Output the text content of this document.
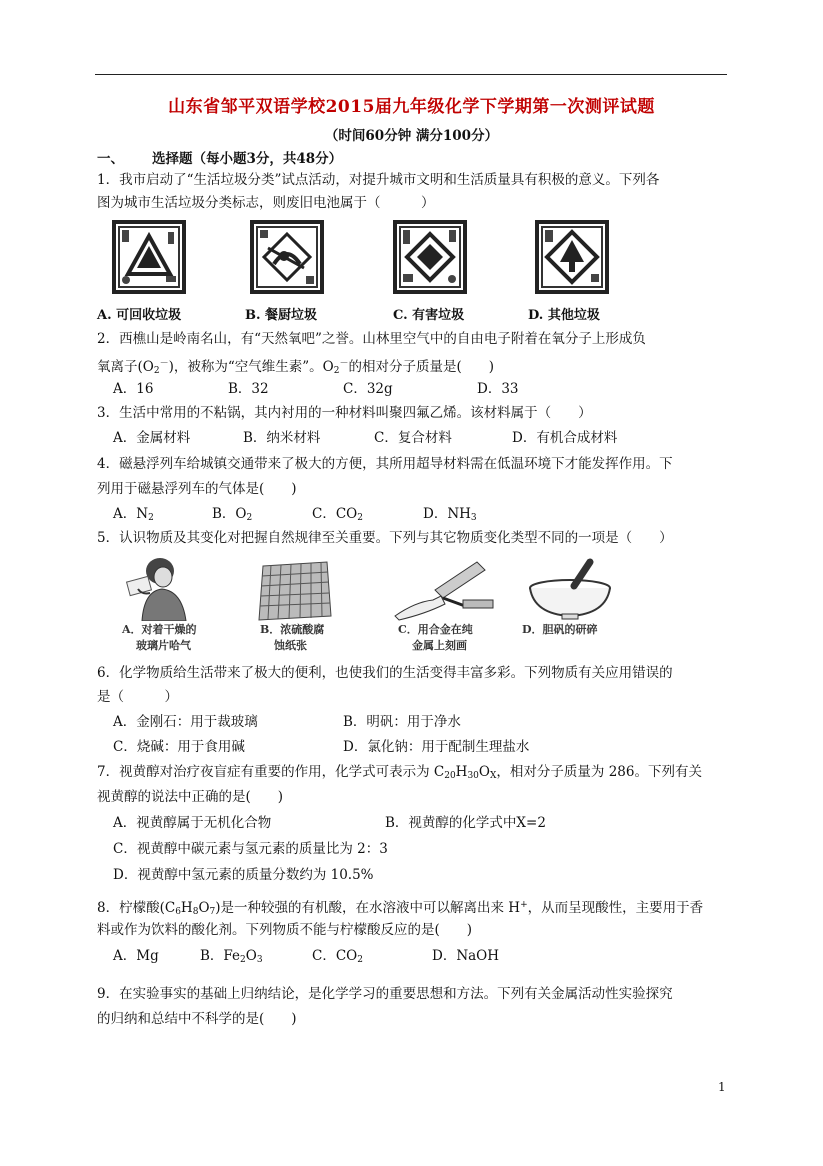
山东省邹平双语学校2015届九年级化学下学期第一次测评试题
（时间60分钟 满分100分）
一、 选择题（每小题3分，共48分）
1．我市启动了“生活垃圾分类”试点活动，对提升城市文明和生活质量具有积极的意义。下列各
图为城市生活垃圾分类标志，则废旧电池属于（　　　）
A. 可回收垃圾	B. 餐厨垃圾	C. 有害垃圾	D. 其他垃圾
2．西樵山是岭南名山，有“天然氧吧”之誉。山林里空气中的自由电子附着在氧分子上形成负
氧离子$(O_2^-)$，被称为“空气维生素”。$O_2^-$的相对分子质量是(　　)
A．16	B．32	C．32g	D．33
3．生活中常用的不粘锅，其内衬用的一种材料叫聚四氟乙烯。该材料属于（　　）
A．金属材料	B．纳米材料	C．复合材料	D．有机合成材料
4．磁悬浮列车给城镇交通带来了极大的方便，其所用超导材料需在低温环境下才能发挥作用。下
列用于磁悬浮列车的气体是(　　)
A．$N_2$	B．$O_2$	C．$CO_2$	D．$NH_3$
5．认识物质及其变化对把握自然规律至关重要。下列与其它物质变化类型不同的一项是（　　）
A．对着干燥的
玻璃片哈气
B．浓硫酸腐
蚀纸张
C．用合金在纯
金属上刻画
D．胆矾的研碎
6．化学物质给生活带来了极大的便利，也使我们的生活变得丰富多彩。下列物质有关应用错误的
是（　　　）
A．金刚石：用于裁玻璃	B．明矾：用于净水
C．烧碱：用于食用碱	D．氯化钠：用于配制生理盐水
7．视黄醇对治疗夜盲症有重要的作用，化学式可表示为 $C_{20}H_{30}O_X$，相对分子质量为 286。下列有关
视黄醇的说法中正确的是(　　)
A．视黄醇属于无机化合物	B．视黄醇的化学式中X=2
C．视黄醇中碳元素与氢元素的质量比为 2：3
D．视黄醇中氢元素的质量分数约为 10.5%
8．柠檬酸$(C_6H_8O_7)$是一种较强的有机酸，在水溶液中可以解离出来 H+，从而呈现酸性，主要用于香
料或作为饮料的酸化剂。下列物质不能与柠檬酸反应的是(　　)
A．Mg	B．$Fe_2O_3$	C．$CO_2$	D．NaOH
9．在实验事实的基础上归纳结论，是化学学习的重要思想和方法。下列有关金属活动性实验探究
的归纳和总结中不科学的是(　　)
1
